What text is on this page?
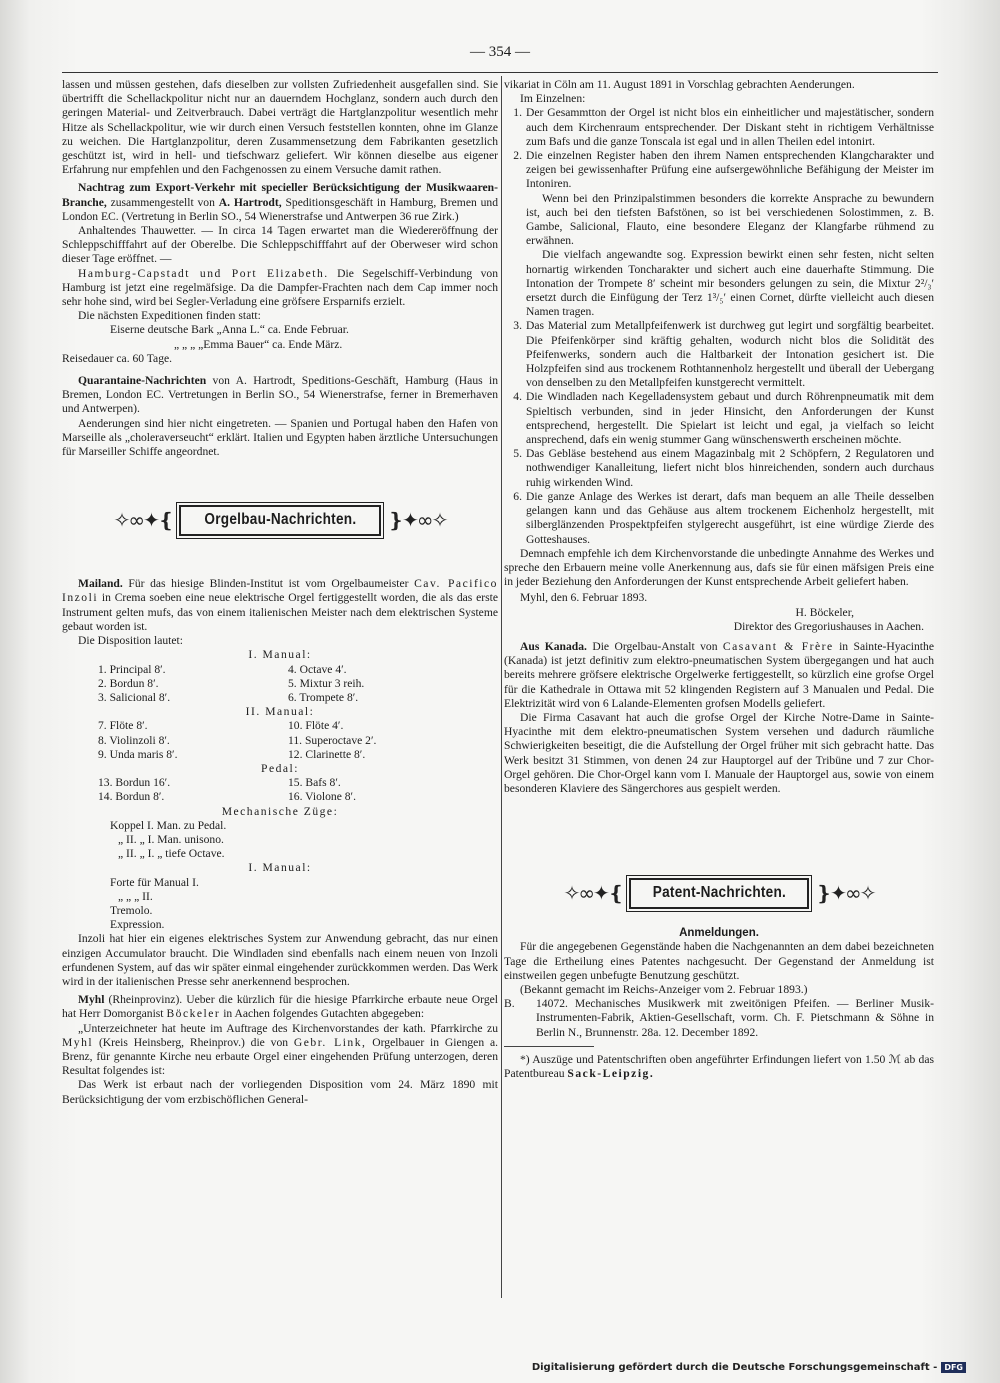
— 354 —

lassen und müssen gestehen, dafs dieselben zur vollsten Zufriedenheit ausgefallen sind. Sie übertrifft die Schellackpolitur nicht nur an dauerndem Hochglanz, sondern auch durch den geringen Material- und Zeitverbrauch. Dabei verträgt die Hartglanzpolitur wesentlich mehr Hitze als Schellackpolitur, wie wir durch einen Versuch feststellen konnten, ohne im Glanze zu weichen. Die Hartglanzpolitur, deren Zusammensetzung dem Fabrikanten gesetzlich geschützt ist, wird in hell- und tiefschwarz geliefert. Wir können dieselbe aus eigener Erfahrung nur empfehlen und den Fachgenossen zu einem Versuche damit rathen.

Nachtrag zum Export-Verkehr mit specieller Berücksichtigung der Musikwaaren-Branche, zusammengestellt von A. Hartrodt, Speditionsgeschäft in Hamburg, Bremen und London EC. (Vertretung in Berlin SO., 54 Wienerstrafse und Antwerpen 36 rue Zirk.)

Anhaltendes Thauwetter. — In circa 14 Tagen erwartet man die Wiedereröffnung der Schleppschifffahrt auf der Oberelbe. Die Schleppschifffahrt auf der Oberweser wird schon dieser Tage eröffnet. —

Hamburg-Capstadt und Port Elizabeth. Die Segelschiff-Verbindung von Hamburg ist jetzt eine regelmäfsige. Da die Dampfer-Frachten nach dem Cap immer noch sehr hohe sind, wird bei Segler-Verladung eine gröfsere Ersparnifs erzielt.

Die nächsten Expeditionen finden statt:

Eiserne deutsche Bark „Anna L.“ ca. Ende Februar.

„ „ „ „Emma Bauer“ ca. Ende März.

Reisedauer ca. 60 Tage.

Quarantaine-Nachrichten von A. Hartrodt, Speditions-Geschäft, Hamburg (Haus in Bremen, London EC. Vertretungen in Berlin SO., 54 Wienerstrafse, ferner in Bremerhaven und Antwerpen).

Aenderungen sind hier nicht eingetreten. — Spanien und Portugal haben den Hafen von Marseille als „choleraverseucht“ erklärt. Italien und Egypten haben ärztliche Untersuchungen für Marseiller Schiffe angeordnet.

✧∞✦❴	Orgelbau-Nachrichten.	❵✦∞✧

Mailand. Für das hiesige Blinden-Institut ist vom Orgelbaumeister Cav. Pacifico Inzoli in Crema soeben eine neue elektrische Orgel fertiggestellt worden, die als das erste Instrument gelten mufs, das von einem italienischen Meister nach dem elektrischen Systeme gebaut worden ist.

Die Disposition lautet:

I. Manual:

1. Principal 8′.	4. Octave 4′.
2. Bordun 8′.	5. Mixtur 3 reih.
3. Salicional 8′.	6. Trompete 8′.

II. Manual:

7. Flöte 8′.	10. Flöte 4′.
8. Violinzoli 8′.	11. Superoctave 2′.
9. Unda maris 8′.	12. Clarinette 8′.

Pedal:

13. Bordun 16′.	15. Bafs 8′.
14. Bordun 8′.	16. Violone 8′.

Mechanische Züge:

Koppel I. Man. zu Pedal.

„ II. „ I. Man. unisono.

„ II. „ I. „ tiefe Octave.

I. Manual:

Forte für Manual I.

„ „ „ II.

Tremolo.

Expression.

Inzoli hat hier ein eigenes elektrisches System zur Anwendung gebracht, das nur einen einzigen Accumulator braucht. Die Windladen sind ebenfalls nach einem neuen von Inzoli erfundenen System, auf das wir später einmal eingehender zurückkommen werden. Das Werk wird in der italienischen Presse sehr anerkennend besprochen.

Myhl (Rheinprovinz). Ueber die kürzlich für die hiesige Pfarrkirche erbaute neue Orgel hat Herr Domorganist Böckeler in Aachen folgendes Gutachten abgegeben:

„Unterzeichneter hat heute im Auftrage des Kirchenvorstandes der kath. Pfarrkirche zu Myhl (Kreis Heinsberg, Rheinprov.) die von Gebr. Link, Orgelbauer in Giengen a. Brenz, für genannte Kirche neu erbaute Orgel einer eingehenden Prüfung unterzogen, deren Resultat folgendes ist:

Das Werk ist erbaut nach der vorliegenden Disposition vom 24. März 1890 mit Berücksichtigung der vom erzbischöflichen General-

vikariat in Cöln am 11. August 1891 in Vorschlag gebrachten Aenderungen.

Im Einzelnen:

1. Der Gesammtton der Orgel ist nicht blos ein einheitlicher und majestätischer, sondern auch dem Kirchenraum entsprechender. Der Diskant steht in richtigem Verhältnisse zum Bafs und die ganze Tonscala ist egal und in allen Theilen edel intonirt.
2. Die einzelnen Register haben den ihrem Namen entsprechenden Klangcharakter und zeigen bei gewissenhafter Prüfung eine aufsergewöhnliche Befähigung der Meister im Intoniren.

Wenn bei den Prinzipalstimmen besonders die korrekte Ansprache zu bewundern ist, auch bei den tiefsten Bafstönen, so ist bei verschiedenen Solostimmen, z. B. Gambe, Salicional, Flauto, eine besondere Eleganz der Klangfarbe rühmend zu erwähnen.

Die vielfach angewandte sog. Expression bewirkt einen sehr festen, nicht selten hornartig wirkenden Toncharakter und sichert auch eine dauerhafte Stimmung. Die Intonation der Trompete 8′ scheint mir besonders gelungen zu sein, die Mixtur 2²/₃′ ersetzt durch die Einfügung der Terz 1³/₅′ einen Cornet, dürfte vielleicht auch diesen Namen tragen.

3. Das Material zum Metallpfeifenwerk ist durchweg gut legirt und sorgfältig bearbeitet. Die Pfeifenkörper sind kräftig gehalten, wodurch nicht blos die Solidität des Pfeifenwerks, sondern auch die Haltbarkeit der Intonation gesichert ist. Die Holzpfeifen sind aus trockenem Rothtannenholz hergestellt und überall der Uebergang von denselben zu den Metallpfeifen kunstgerecht vermittelt.
4. Die Windladen nach Kegelladensystem gebaut und durch Röhrenpneumatik mit dem Spieltisch verbunden, sind in jeder Hinsicht, den Anforderungen der Kunst entsprechend, hergestellt. Die Spielart ist leicht und egal, ja vielfach so leicht ansprechend, dafs ein wenig stummer Gang wünschenswerth erscheinen möchte.
5. Das Gebläse bestehend aus einem Magazinbalg mit 2 Schöpfern, 2 Regulatoren und nothwendiger Kanalleitung, liefert nicht blos hinreichenden, sondern auch durchaus ruhig wirkenden Wind.
6. Die ganze Anlage des Werkes ist derart, dafs man bequem an alle Theile desselben gelangen kann und das Gehäuse aus altem trockenem Eichenholz hergestellt, mit silberglänzenden Prospektpfeifen stylgerecht ausgeführt, ist eine würdige Zierde des Gotteshauses.

Demnach empfehle ich dem Kirchenvorstande die unbedingte Annahme des Werkes und spreche den Erbauern meine volle Anerkennung aus, dafs sie für einen mäfsigen Preis eine in jeder Beziehung den Anforderungen der Kunst entsprechende Arbeit geliefert haben.

Myhl, den 6. Februar 1893.

H. Böckeler,

Direktor des Gregoriushauses in Aachen.

Aus Kanada. Die Orgelbau-Anstalt von Casavant & Frère in Sainte-Hyacinthe (Kanada) ist jetzt definitiv zum elektro-pneumatischen System übergegangen und hat auch bereits mehrere gröfsere elektrische Orgelwerke fertiggestellt, so kürzlich eine grofse Orgel für die Kathedrale in Ottawa mit 52 klingenden Registern auf 3 Manualen und Pedal. Die Elektrizität wird von 6 Lalande-Elementen grofsen Modells geliefert.

Die Firma Casavant hat auch die grofse Orgel der Kirche Notre-Dame in Sainte-Hyacinthe mit dem elektro-pneumatischen System versehen und dadurch räumliche Schwierigkeiten beseitigt, die die Aufstellung der Orgel früher mit sich gebracht hatte. Das Werk besitzt 31 Stimmen, von denen 24 zur Hauptorgel auf der Tribüne und 7 zur Chor-Orgel gehören. Die Chor-Orgel kann vom I. Manuale der Hauptorgel aus, sowie von einem besonderen Klaviere des Sängerchores aus gespielt werden.

✧∞✦❴	Patent-Nachrichten.	❵✦∞✧

Anmeldungen.

Für die angegebenen Gegenstände haben die Nachgenannten an dem dabei bezeichneten Tage die Ertheilung eines Patentes nachgesucht. Der Gegenstand der Anmeldung ist einstweilen gegen unbefugte Benutzung geschützt.

(Bekannt gemacht im Reichs-Anzeiger vom 2. Februar 1893.)

B.	14072. Mechanisches Musikwerk mit zweitönigen Pfeifen. — Berliner Musik-Instrumenten-Fabrik, Aktien-Gesellschaft, vorm. Ch. F. Pietschmann & Söhne in Berlin N., Brunnenstr. 28a. 12. December 1892.

*) Auszüge und Patentschriften oben angeführter Erfindungen liefert von 1.50 ℳ ab das Patentbureau Sack-Leipzig.

Digitalisierung gefördert durch die Deutsche Forschungsgemeinschaft - DFG
